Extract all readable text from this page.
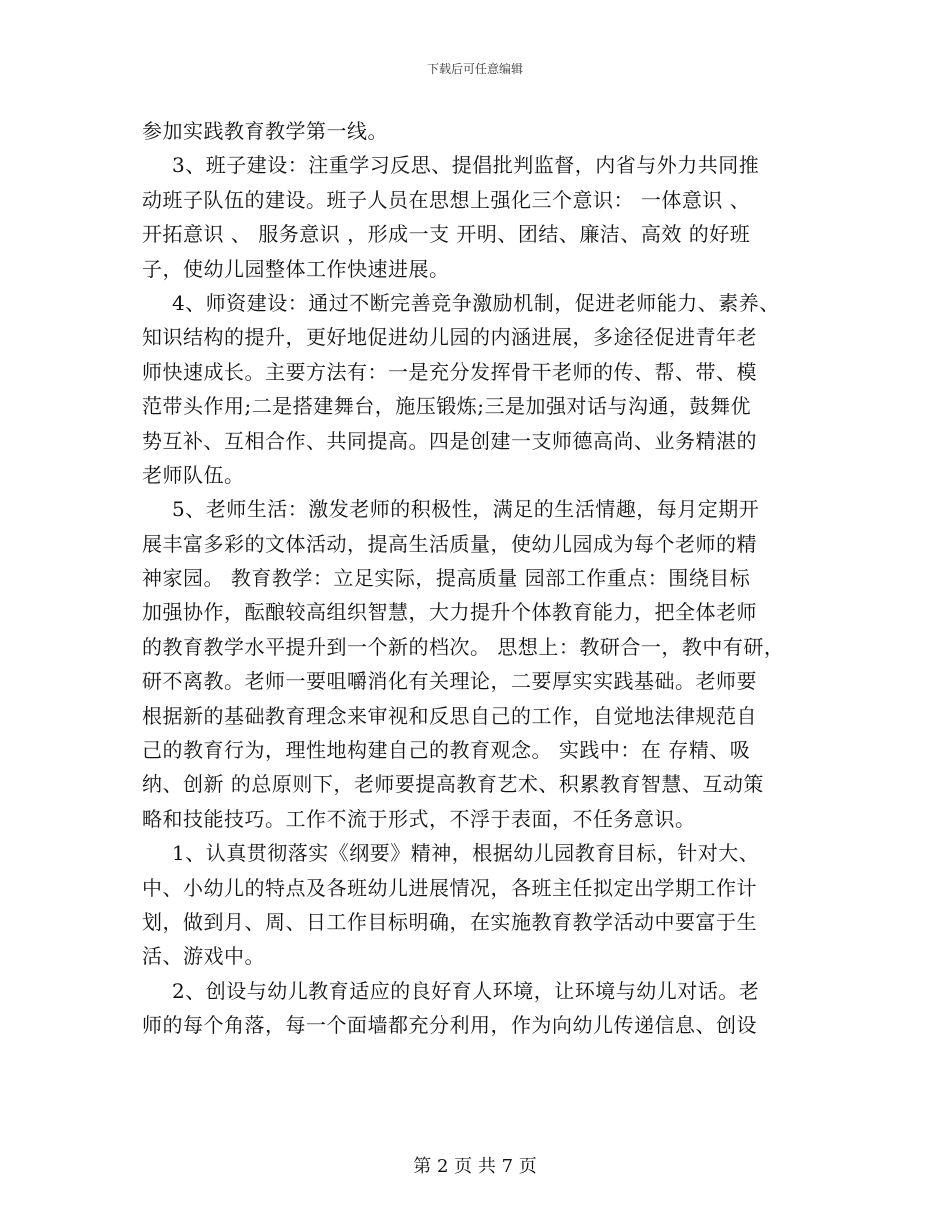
下载后可任意编辑
参加实践教育教学第一线。
3、班子建设：注重学习反思、提倡批判监督，内省与外力共同推
动班子队伍的建设。班子人员在思想上强化三个意识： 一体意识 、
开拓意识 、 服务意识 ，形成一支 开明、团结、廉洁、高效 的好班
子，使幼儿园整体工作快速进展。
4、师资建设：通过不断完善竞争激励机制，促进老师能力、素养、
知识结构的提升，更好地促进幼儿园的内涵进展，多途径促进青年老
师快速成长。主要方法有：一是充分发挥骨干老师的传、帮、带、模
范带头作用;二是搭建舞台，施压锻炼;三是加强对话与沟通，鼓舞优
势互补、互相合作、共同提高。四是创建一支师德高尚、业务精湛的
老师队伍。
5、老师生活：激发老师的积极性，满足的生活情趣，每月定期开
展丰富多彩的文体活动，提高生活质量，使幼儿园成为每个老师的精
神家园。 教育教学：立足实际，提高质量 园部工作重点：围绕目标
加强协作，酝酿较高组织智慧，大力提升个体教育能力，把全体老师
的教育教学水平提升到一个新的档次。 思想上：教研合一，教中有研，
研不离教。老师一要咀嚼消化有关理论，二要厚实实践基础。老师要
根据新的基础教育理念来审视和反思自己的工作，自觉地法律规范自
己的教育行为，理性地构建自己的教育观念。 实践中：在 存精、吸
纳、创新 的总原则下，老师要提高教育艺术、积累教育智慧、互动策
略和技能技巧。工作不流于形式，不浮于表面，不任务意识。
1、认真贯彻落实《纲要》精神，根据幼儿园教育目标，针对大、
中、小幼儿的特点及各班幼儿进展情况，各班主任拟定出学期工作计
划，做到月、周、日工作目标明确，在实施教育教学活动中要富于生
活、游戏中。
2、创设与幼儿教育适应的良好育人环境，让环境与幼儿对话。老
师的每个角落，每一个面墙都充分利用，作为向幼儿传递信息、创设
第 2 页 共 7 页
